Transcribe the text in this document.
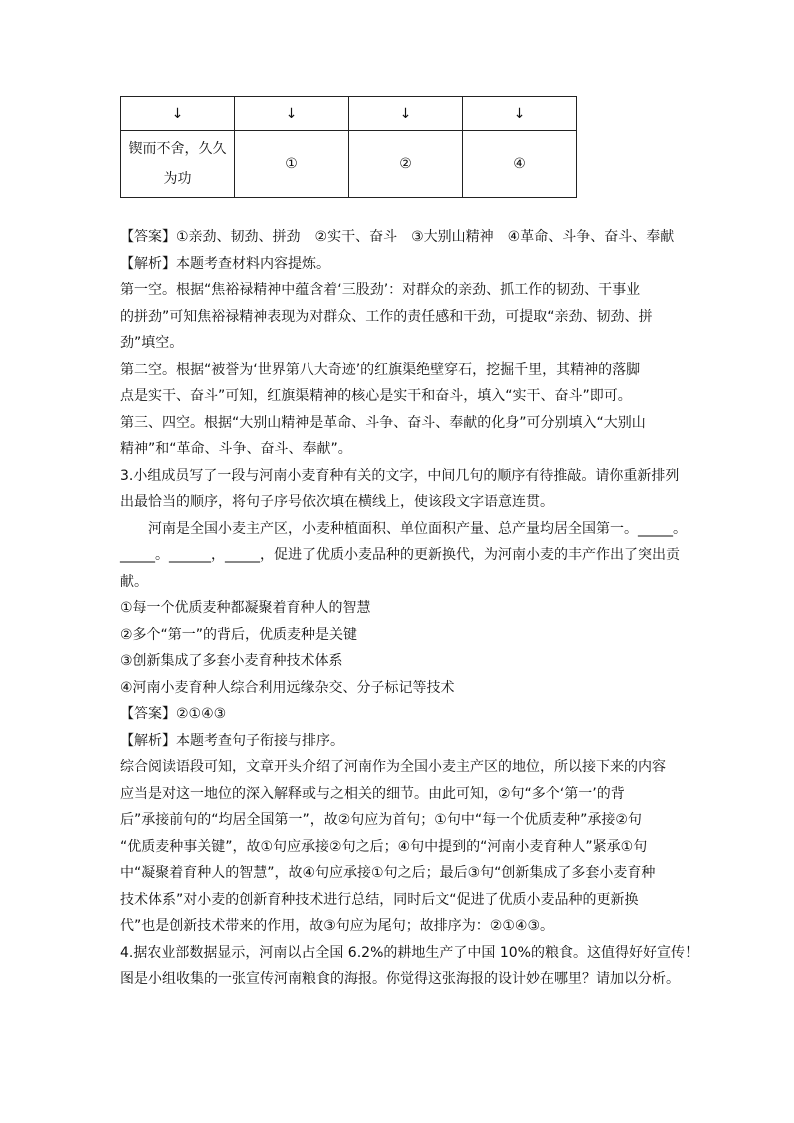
↓	↓	↓	↓
锲而不舍，久久为功	①	②	④

【答案】①亲劲、韧劲、拼劲　②实干、奋斗　③大别山精神　④革命、斗争、奋斗、奉献

【解析】本题考查材料内容提炼。

第一空。根据“焦裕禄精神中蕴含着‘三股劲’：对群众的亲劲、抓工作的韧劲、干事业

的拼劲”可知焦裕禄精神表现为对群众、工作的责任感和干劲，可提取“亲劲、韧劲、拼

劲”填空。

第二空。根据“被誉为‘世界第八大奇迹’的红旗渠绝壁穿石，挖掘千里，其精神的落脚

点是实干、奋斗”可知，红旗渠精神的核心是实干和奋斗，填入“实干、奋斗”即可。

第三、四空。根据“大别山精神是革命、斗争、奋斗、奉献的化身”可分别填入“大别山

精神”和“革命、斗争、奋斗、奉献”。

3.小组成员写了一段与河南小麦育种有关的文字，中间几句的顺序有待推敲。请你重新排列

出最恰当的顺序，将句子序号依次填在横线上，使该段文字语意连贯。

河南是全国小麦主产区，小麦种植面积、单位面积产量、总产量均居全国第一。_____。

_____。______，_____，促进了优质小麦品种的更新换代，为河南小麦的丰产作出了突出贡

献。

①每一个优质麦种都凝聚着育种人的智慧

②多个“第一”的背后，优质麦种是关键

③创新集成了多套小麦育种技术体系

④河南小麦育种人综合利用远缘杂交、分子标记等技术

【答案】②①④③

【解析】本题考查句子衔接与排序。

综合阅读语段可知，文章开头介绍了河南作为全国小麦主产区的地位，所以接下来的内容

应当是对这一地位的深入解释或与之相关的细节。由此可知，②句“多个‘第一’的背

后”承接前句的“均居全国第一”，故②句应为首句；①句中“每一个优质麦种”承接②句

“优质麦种事关键”，故①句应承接②句之后；④句中提到的“河南小麦育种人”紧承①句

中“凝聚着育种人的智慧”，故④句应承接①句之后；最后③句“创新集成了多套小麦育种

技术体系”对小麦的创新育种技术进行总结，同时后文“促进了优质小麦品种的更新换

代”也是创新技术带来的作用，故③句应为尾句；故排序为：②①④③。

4.据农业部数据显示，河南以占全国 6.2%的耕地生产了中国 10%的粮食。这值得好好宣传！

图是小组收集的一张宣传河南粮食的海报。你觉得这张海报的设计妙在哪里？请加以分析。
